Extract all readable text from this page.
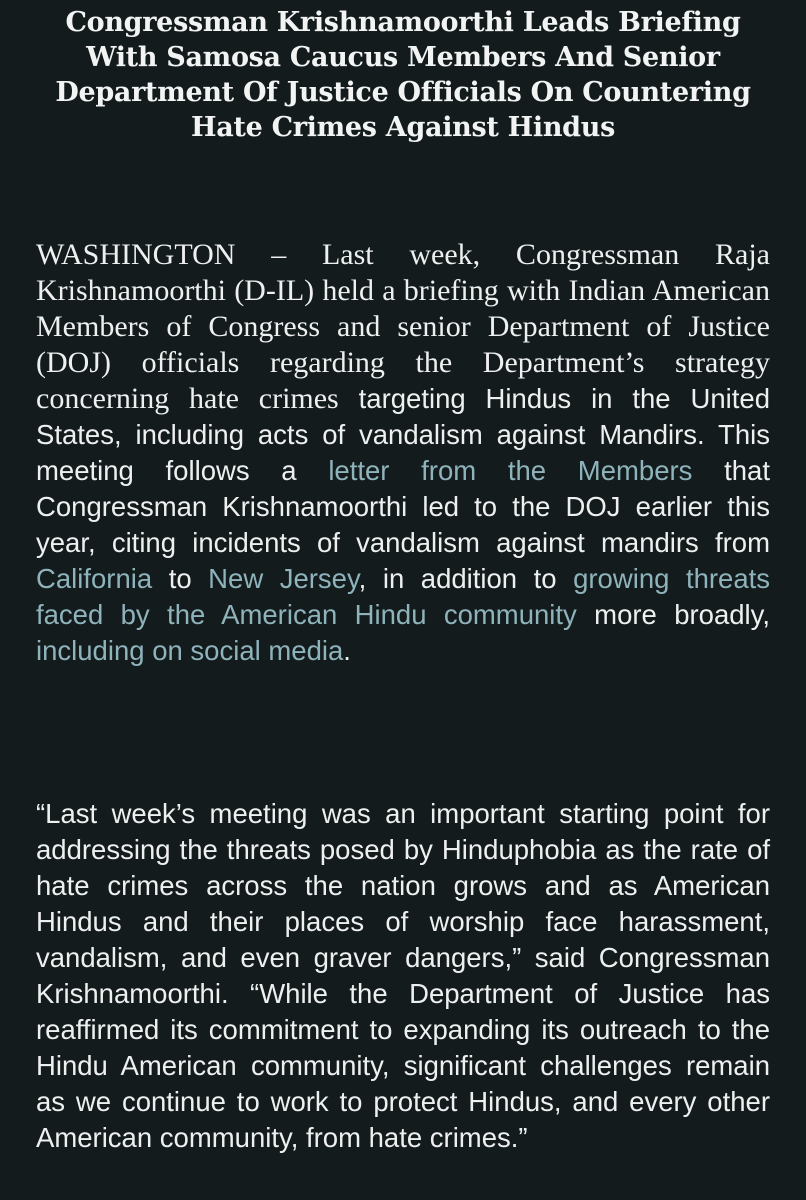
Congressman Krishnamoorthi Leads Briefing With Samosa Caucus Members And Senior Department Of Justice Officials On Countering Hate Crimes Against Hindus

WASHINGTON – Last week, Congressman Raja Krishnamoorthi (D-IL) held a briefing with Indian American Members of Congress and senior Department of Justice (DOJ) officials regarding the Department’s strategy concerning hate crimes targeting Hindus in the United States, including acts of vandalism against Mandirs. This meeting follows a letter from the Members that Congressman Krishnamoorthi led to the DOJ earlier this year, citing incidents of vandalism against mandirs from California to New Jersey, in addition to growing threats faced by the American Hindu community more broadly, including on social media.

“Last week’s meeting was an important starting point for addressing the threats posed by Hinduphobia as the rate of hate crimes across the nation grows and as American Hindus and their places of worship face harassment, vandalism, and even graver dangers,” said Congressman Krishnamoorthi. “While the Department of Justice has reaffirmed its commitment to expanding its outreach to the Hindu American community, significant challenges remain as we continue to work to protect Hindus, and every other American community, from hate crimes.”
